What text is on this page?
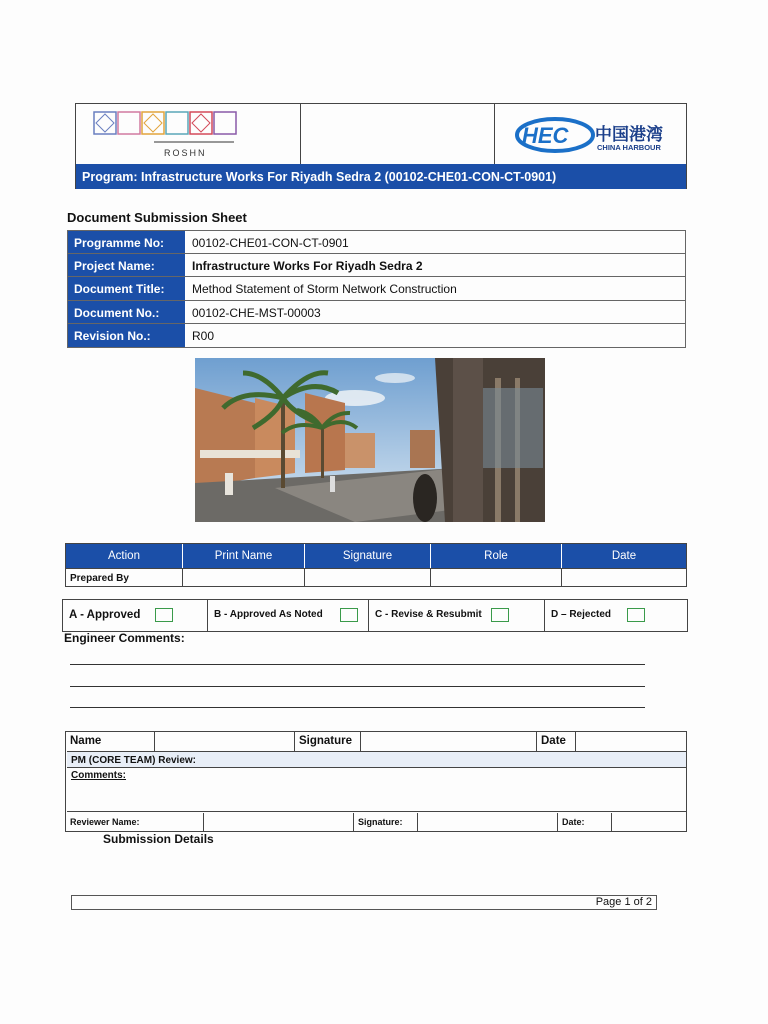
ROSHN
HEC 中国港湾
CHINA HARBOUR
Program: Infrastructure Works For Riyadh Sedra 2 (00102-CHE01-CON-CT-0901)
Document Submission Sheet
Programme No:	00102-CHE01-CON-CT-0901
Project Name:	Infrastructure Works For Riyadh Sedra 2
Document Title:	Method Statement of Storm Network Construction
Document No.:	00102-CHE-MST-00003
Revision No.:	R00
Action	Print Name	Signature	Role	Date
Prepared By
A - Approved	B - Approved As Noted	C - Revise & Resubmit	D – Rejected
Engineer Comments:
Name	Signature	Date
PM (CORE TEAM) Review:
Comments:
Reviewer Name:	Signature:	Date:
Submission Details
Page 1 of 2
